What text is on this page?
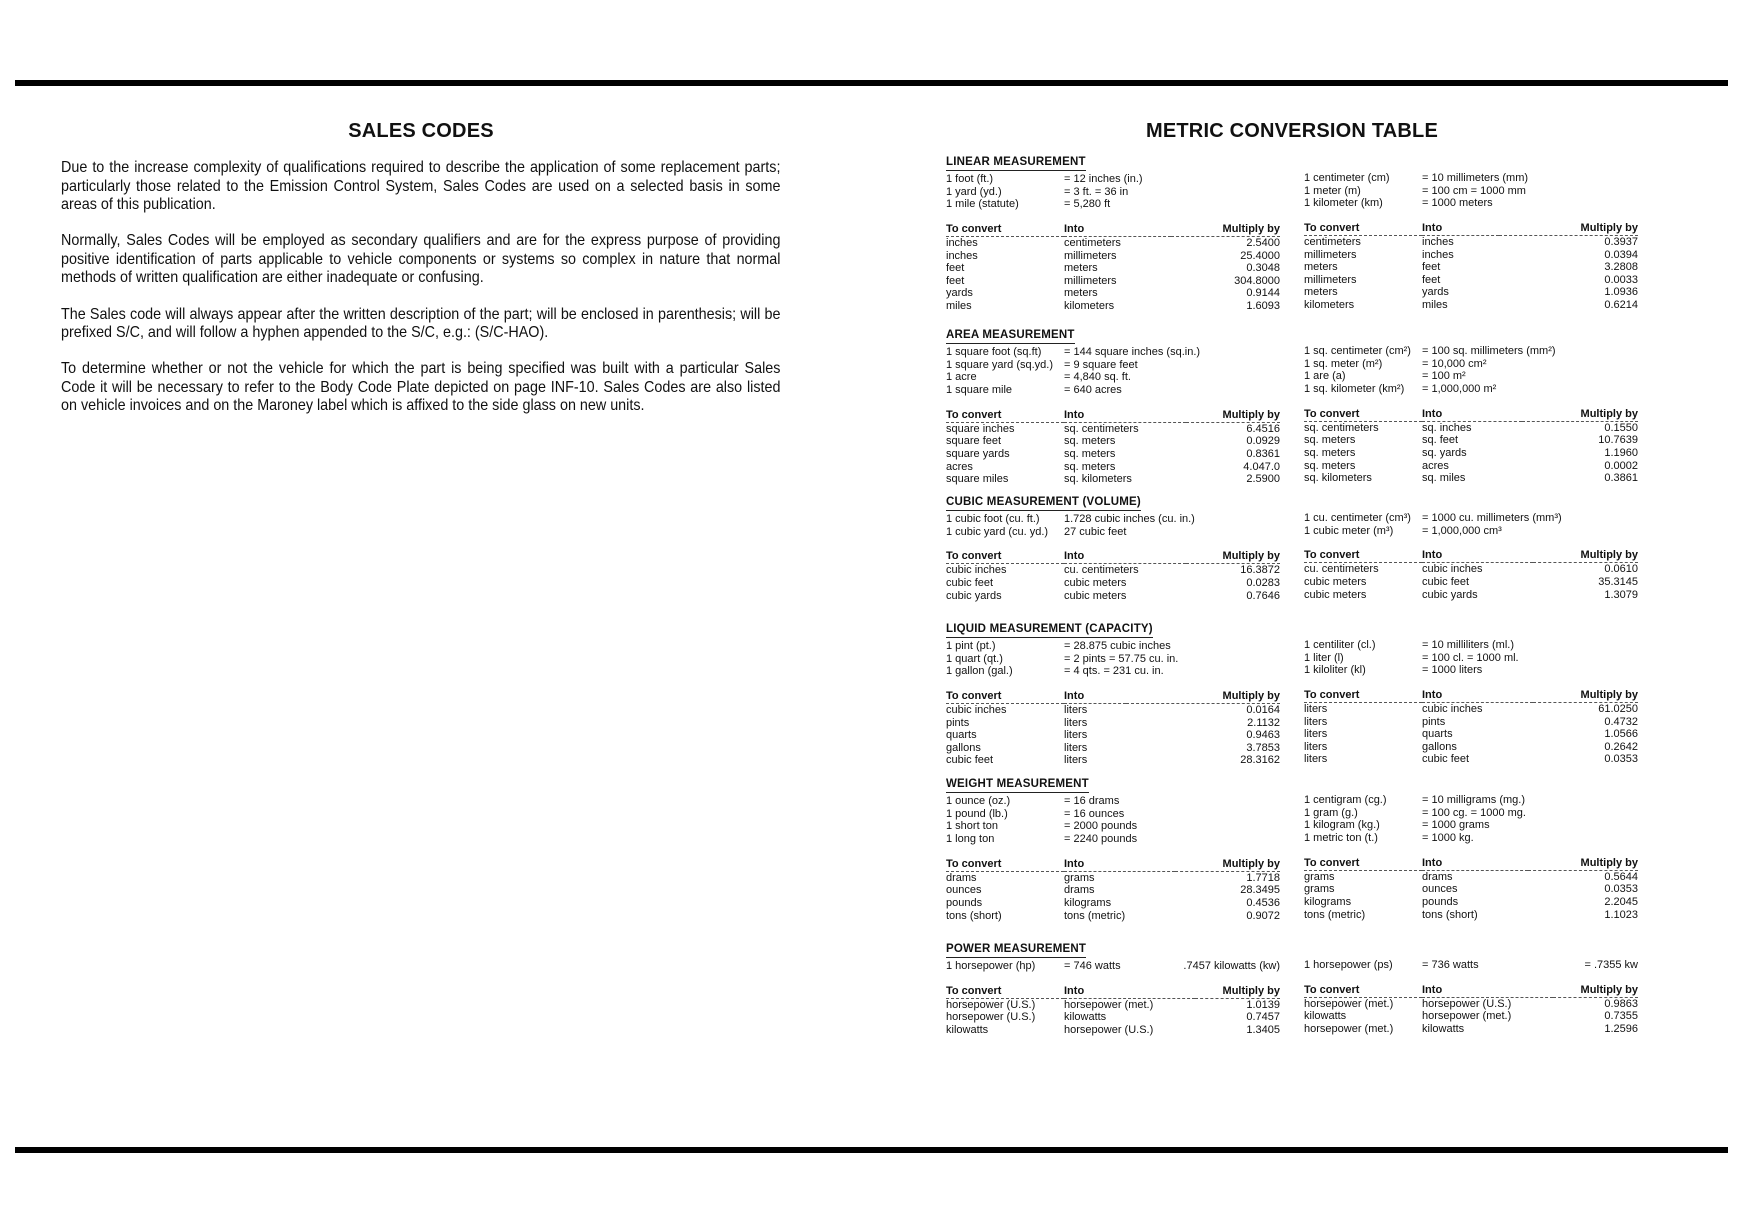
SALES CODES

Due to the increase complexity of qualifications required to describe the application of some replacement parts; particularly those related to the Emission Control System, Sales Codes are used on a selected basis in some areas of this publication.

Normally, Sales Codes will be employed as secondary qualifiers and are for the express purpose of providing positive identification of parts applicable to vehicle components or systems so complex in nature that normal methods of written qualification are either inadequate or confusing.

The Sales code will always appear after the written description of the part; will be enclosed in parenthesis; will be prefixed S/C, and will follow a hyphen appended to the S/C, e.g.: (S/C-HAO).

To determine whether or not the vehicle for which the part is being specified was built with a particular Sales Code it will be necessary to refer to the Body Code Plate depicted on page INF-10. Sales Codes are also listed on vehicle invoices and on the Maroney label which is affixed to the side glass on new units.

METRIC CONVERSION TABLE
LINEAR MEASUREMENT
1 foot (ft.)	= 12 inches (in.)
1 yard (yd.)	= 3 ft. = 36 in
1 mile (statute)	= 5,280 ft
To convert	Into	Multiply by
inches	centimeters	2.5400
inches	millimeters	25.4000
feet	meters	0.3048
feet	millimeters	304.8000
yards	meters	0.9144
miles	kilometers	1.6093
1 centimeter (cm)	= 10 millimeters (mm)
1 meter (m)	= 100 cm = 1000 mm
1 kilometer (km)	= 1000 meters
To convert	Into	Multiply by
centimeters	inches	0.3937
millimeters	inches	0.0394
meters	feet	3.2808
millimeters	feet	0.0033
meters	yards	1.0936
kilometers	miles	0.6214
AREA MEASUREMENT
1 square foot (sq.ft)	= 144 square inches (sq.in.)
1 square yard (sq.yd.)	= 9 square feet
1 acre	= 4,840 sq. ft.
1 square mile	= 640 acres
To convert	Into	Multiply by
square inches	sq. centimeters	6.4516
square feet	sq. meters	0.0929
square yards	sq. meters	0.8361
acres	sq. meters	4.047.0
square miles	sq. kilometers	2.5900
1 sq. centimeter (cm²)	= 100 sq. millimeters (mm²)
1 sq. meter (m²)	= 10,000 cm²
1 are (a)	= 100 m²
1 sq. kilometer (km²)	= 1,000,000 m²
To convert	Into	Multiply by
sq. centimeters	sq. inches	0.1550
sq. meters	sq. feet	10.7639
sq. meters	sq. yards	1.1960
sq. meters	acres	0.0002
sq. kilometers	sq. miles	0.3861
CUBIC MEASUREMENT (VOLUME)
1 cubic foot (cu. ft.)	1.728 cubic inches (cu. in.)
1 cubic yard (cu. yd.)	27 cubic feet
To convert	Into	Multiply by
cubic inches	cu. centimeters	16.3872
cubic feet	cubic meters	0.0283
cubic yards	cubic meters	0.7646
1 cu. centimeter (cm³)	= 1000 cu. millimeters (mm³)
1 cubic meter (m³)	= 1,000,000 cm³
To convert	Into	Multiply by
cu. centimeters	cubic inches	0.0610
cubic meters	cubic feet	35.3145
cubic meters	cubic yards	1.3079
LIQUID MEASUREMENT (CAPACITY)
1 pint (pt.)	= 28.875 cubic inches
1 quart (qt.)	= 2 pints = 57.75 cu. in.
1 gallon (gal.)	= 4 qts. = 231 cu. in.
To convert	Into	Multiply by
cubic inches	liters	0.0164
pints	liters	2.1132
quarts	liters	0.9463
gallons	liters	3.7853
cubic feet	liters	28.3162
1 centiliter (cl.)	= 10 milliliters (ml.)
1 liter (l)	= 100 cl. = 1000 ml.
1 kiloliter (kl)	= 1000 liters
To convert	Into	Multiply by
liters	cubic inches	61.0250
liters	pints	0.4732
liters	quarts	1.0566
liters	gallons	0.2642
liters	cubic feet	0.0353
WEIGHT MEASUREMENT
1 ounce (oz.)	= 16 drams
1 pound (lb.)	= 16 ounces
1 short ton	= 2000 pounds
1 long ton	= 2240 pounds
To convert	Into	Multiply by
drams	grams	1.7718
ounces	drams	28.3495
pounds	kilograms	0.4536
tons (short)	tons (metric)	0.9072
1 centigram (cg.)	= 10 milligrams (mg.)
1 gram (g.)	= 100 cg. = 1000 mg.
1 kilogram (kg.)	= 1000 grams
1 metric ton (t.)	= 1000 kg.
To convert	Into	Multiply by
grams	drams	0.5644
grams	ounces	0.0353
kilograms	pounds	2.2045
tons (metric)	tons (short)	1.1023
POWER MEASUREMENT
1 horsepower (hp)	= 746 watts	.7457 kilowatts (kw)
To convert	Into	Multiply by
horsepower (U.S.)	horsepower (met.)	1.0139
horsepower (U.S.)	kilowatts	0.7457
kilowatts	horsepower (U.S.)	1.3405
1 horsepower (ps)	= 736 watts	= .7355 kw
To convert	Into	Multiply by
horsepower (met.)	horsepower (U.S.)	0.9863
kilowatts	horsepower (met.)	0.7355
horsepower (met.)	kilowatts	1.2596
